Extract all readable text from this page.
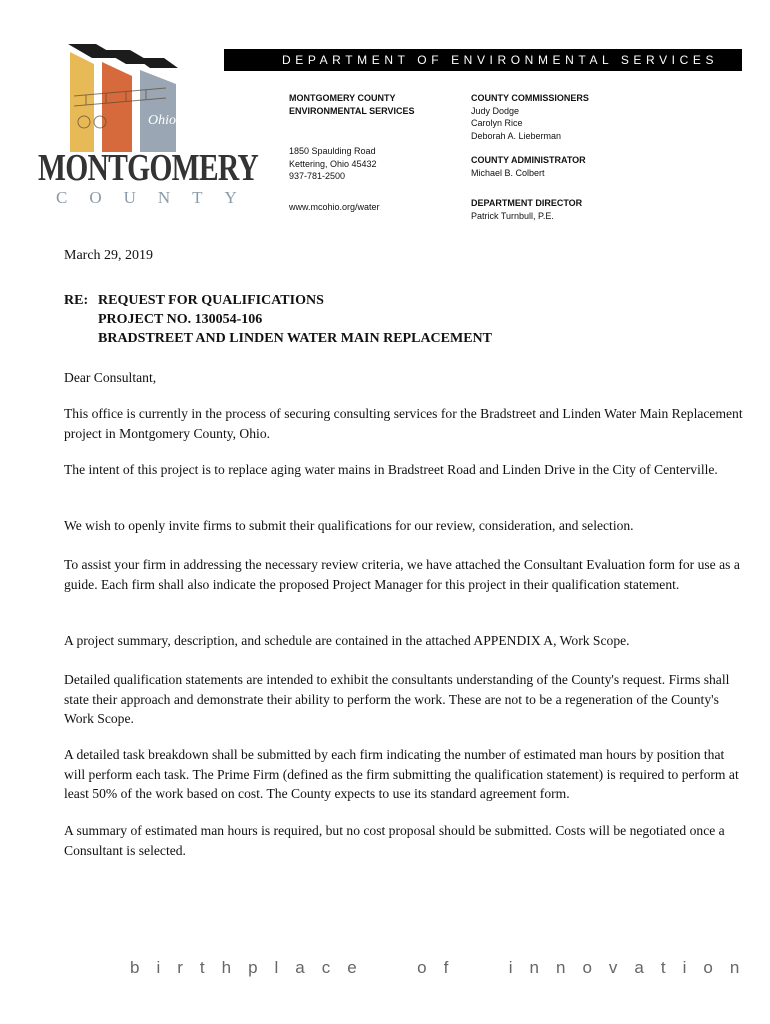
Ohio
MONTGOMERY
COUNTY
DEPARTMENT OF ENVIRONMENTAL SERVICES
MONTGOMERY COUNTY
ENVIRONMENTAL SERVICES
1850 Spaulding Road
Kettering, Ohio 45432
937-781-2500
www.mcohio.org/water
COUNTY COMMISSIONERS
Judy Dodge
Carolyn Rice
Deborah A. Lieberman
COUNTY ADMINISTRATOR
Michael B. Colbert
DEPARTMENT DIRECTOR
Patrick Turnbull, P.E.
March 29, 2019
RE: REQUEST FOR QUALIFICATIONS
PROJECT NO. 130054-106
BRADSTREET AND LINDEN WATER MAIN REPLACEMENT
Dear Consultant,
This office is currently in the process of securing consulting services for the Bradstreet and Linden Water Main Replacement project in Montgomery County, Ohio.
The intent of this project is to replace aging water mains in Bradstreet Road and Linden Drive in the City of Centerville.
We wish to openly invite firms to submit their qualifications for our review, consideration, and selection.
To assist your firm in addressing the necessary review criteria, we have attached the Consultant Evaluation form for use as a guide. Each firm shall also indicate the proposed Project Manager for this project in their qualification statement.
A project summary, description, and schedule are contained in the attached APPENDIX A, Work Scope.
Detailed qualification statements are intended to exhibit the consultants understanding of the County's request. Firms shall state their approach and demonstrate their ability to perform the work. These are not to be a regeneration of the County's Work Scope.
A detailed task breakdown shall be submitted by each firm indicating the number of estimated man hours by position that will perform each task. The Prime Firm (defined as the firm submitting the qualification statement) is required to perform at least 50% of the work based on cost. The County expects to use its standard agreement form.
A summary of estimated man hours is required, but no cost proposal should be submitted. Costs will be negotiated once a Consultant is selected.
birthplace  of  innovation
